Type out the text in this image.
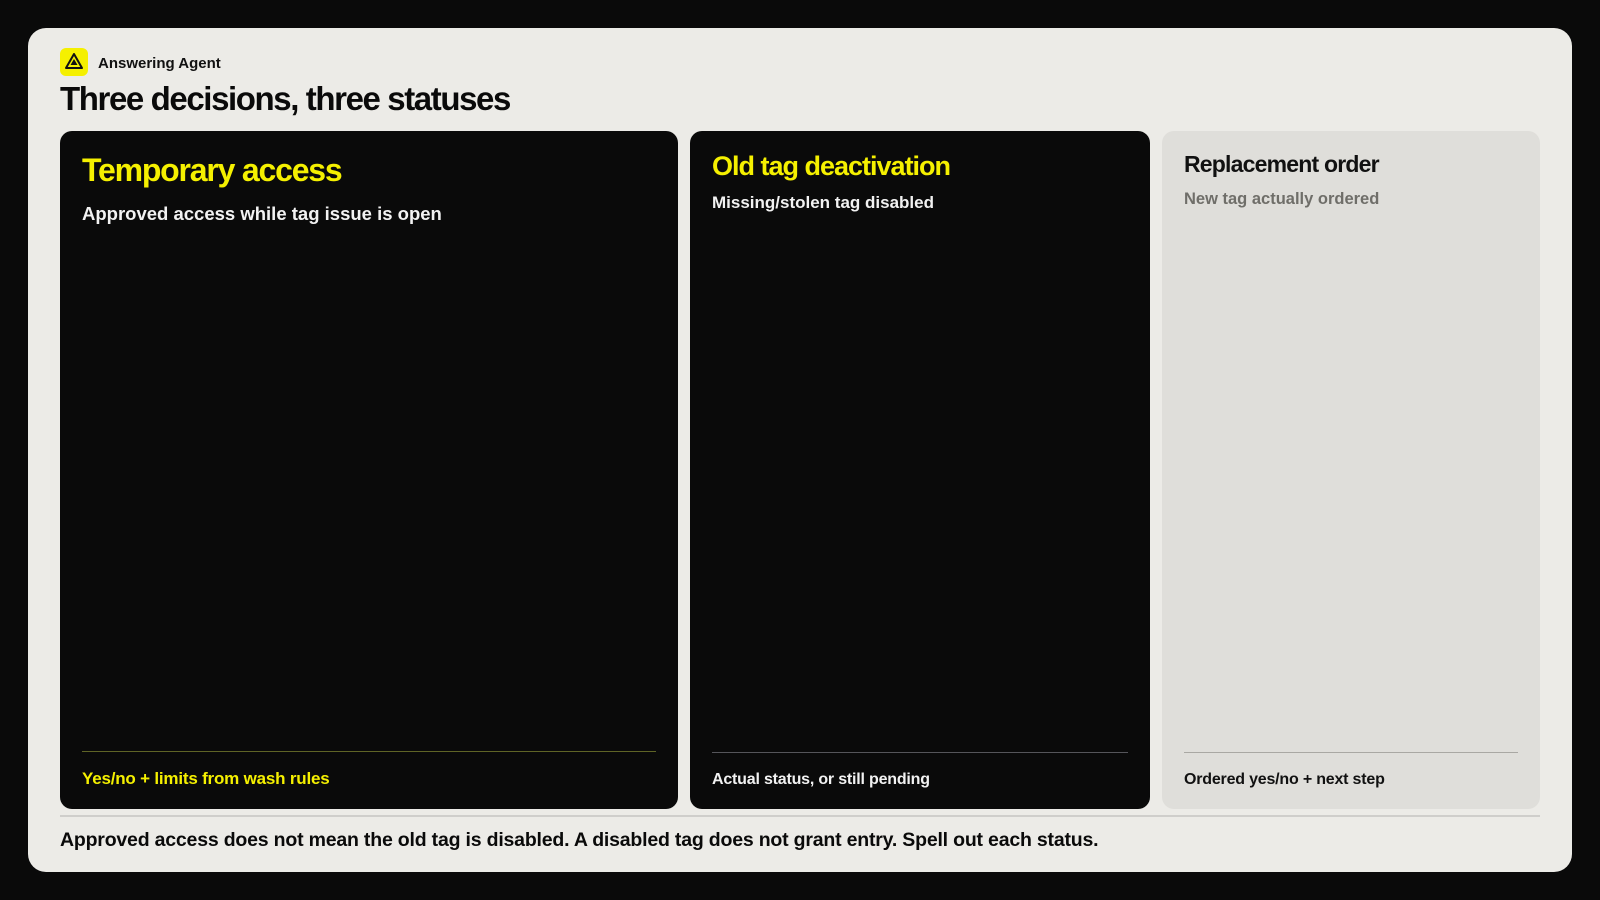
Answering Agent
Three decisions, three statuses
Temporary access

Approved access while tag issue is open

Yes/no + limits from wash rules
Old tag deactivation

Missing/stolen tag disabled

Actual status, or still pending
Replacement order

New tag actually ordered

Ordered yes/no + next step

Approved access does not mean the old tag is disabled. A disabled tag does not grant entry. Spell out each status.
